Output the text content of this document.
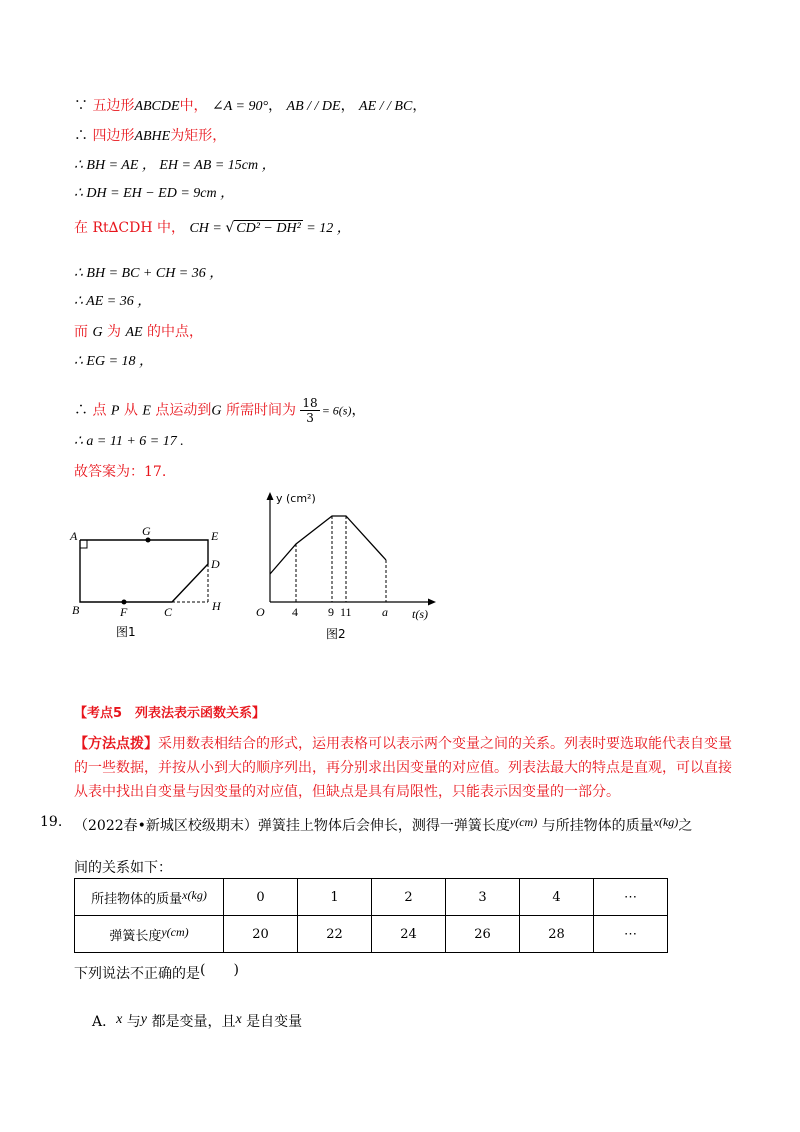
∵ 五边形ABCDE中， ∠A = 90°， AB / / DE， AE / / BC，
∴ 四边形ABHE为矩形，
∴ BH = AE ， EH = AB = 15cm ，
∴ DH = EH − ED = 9cm ，
在 Rt∆CDH 中， CH = √ CD² − DH² = 12 ，
∴ BH = BC + CH = 36 ，
∴ AE = 36 ，
而 G 为 AE 的中点，
∴ EG = 18 ，
∴ 点 P 从 E 点运动到G 所需时间为 $\frac{18}{3} = 6(s)$，
∴ a = 11 + 6 = 17 .
故答案为：17.
A	G	E
D
B	F	C	H
图1
y (cm²)
O 4	9 11	a t(s)
图2
【考点5　列表法表示函数关系】
【方法点拨】采用数表相结合的形式，运用表格可以表示两个变量之间的关系。列表时要选取能代表自变量的一些数据，并按从小到大的顺序列出，再分别求出因变量的对应值。列表法最大的特点是直观，可以直接从表中找出自变量与因变量的对应值，但缺点是具有局限性，只能表示因变量的一部分。
19. （2022春•新城区校级期末）弹簧挂上物体后会伸长，测得一弹簧长度y(cm) 与所挂物体的质量x(kg)之
间的关系如下：
所挂物体的质量x(kg)	0	1	2	3	4	⋯
弹簧长度y(cm)	20	22	24	26	28	⋯
下列说法不正确的是(　　)
A．x 与y 都是变量，且x 是自变量
